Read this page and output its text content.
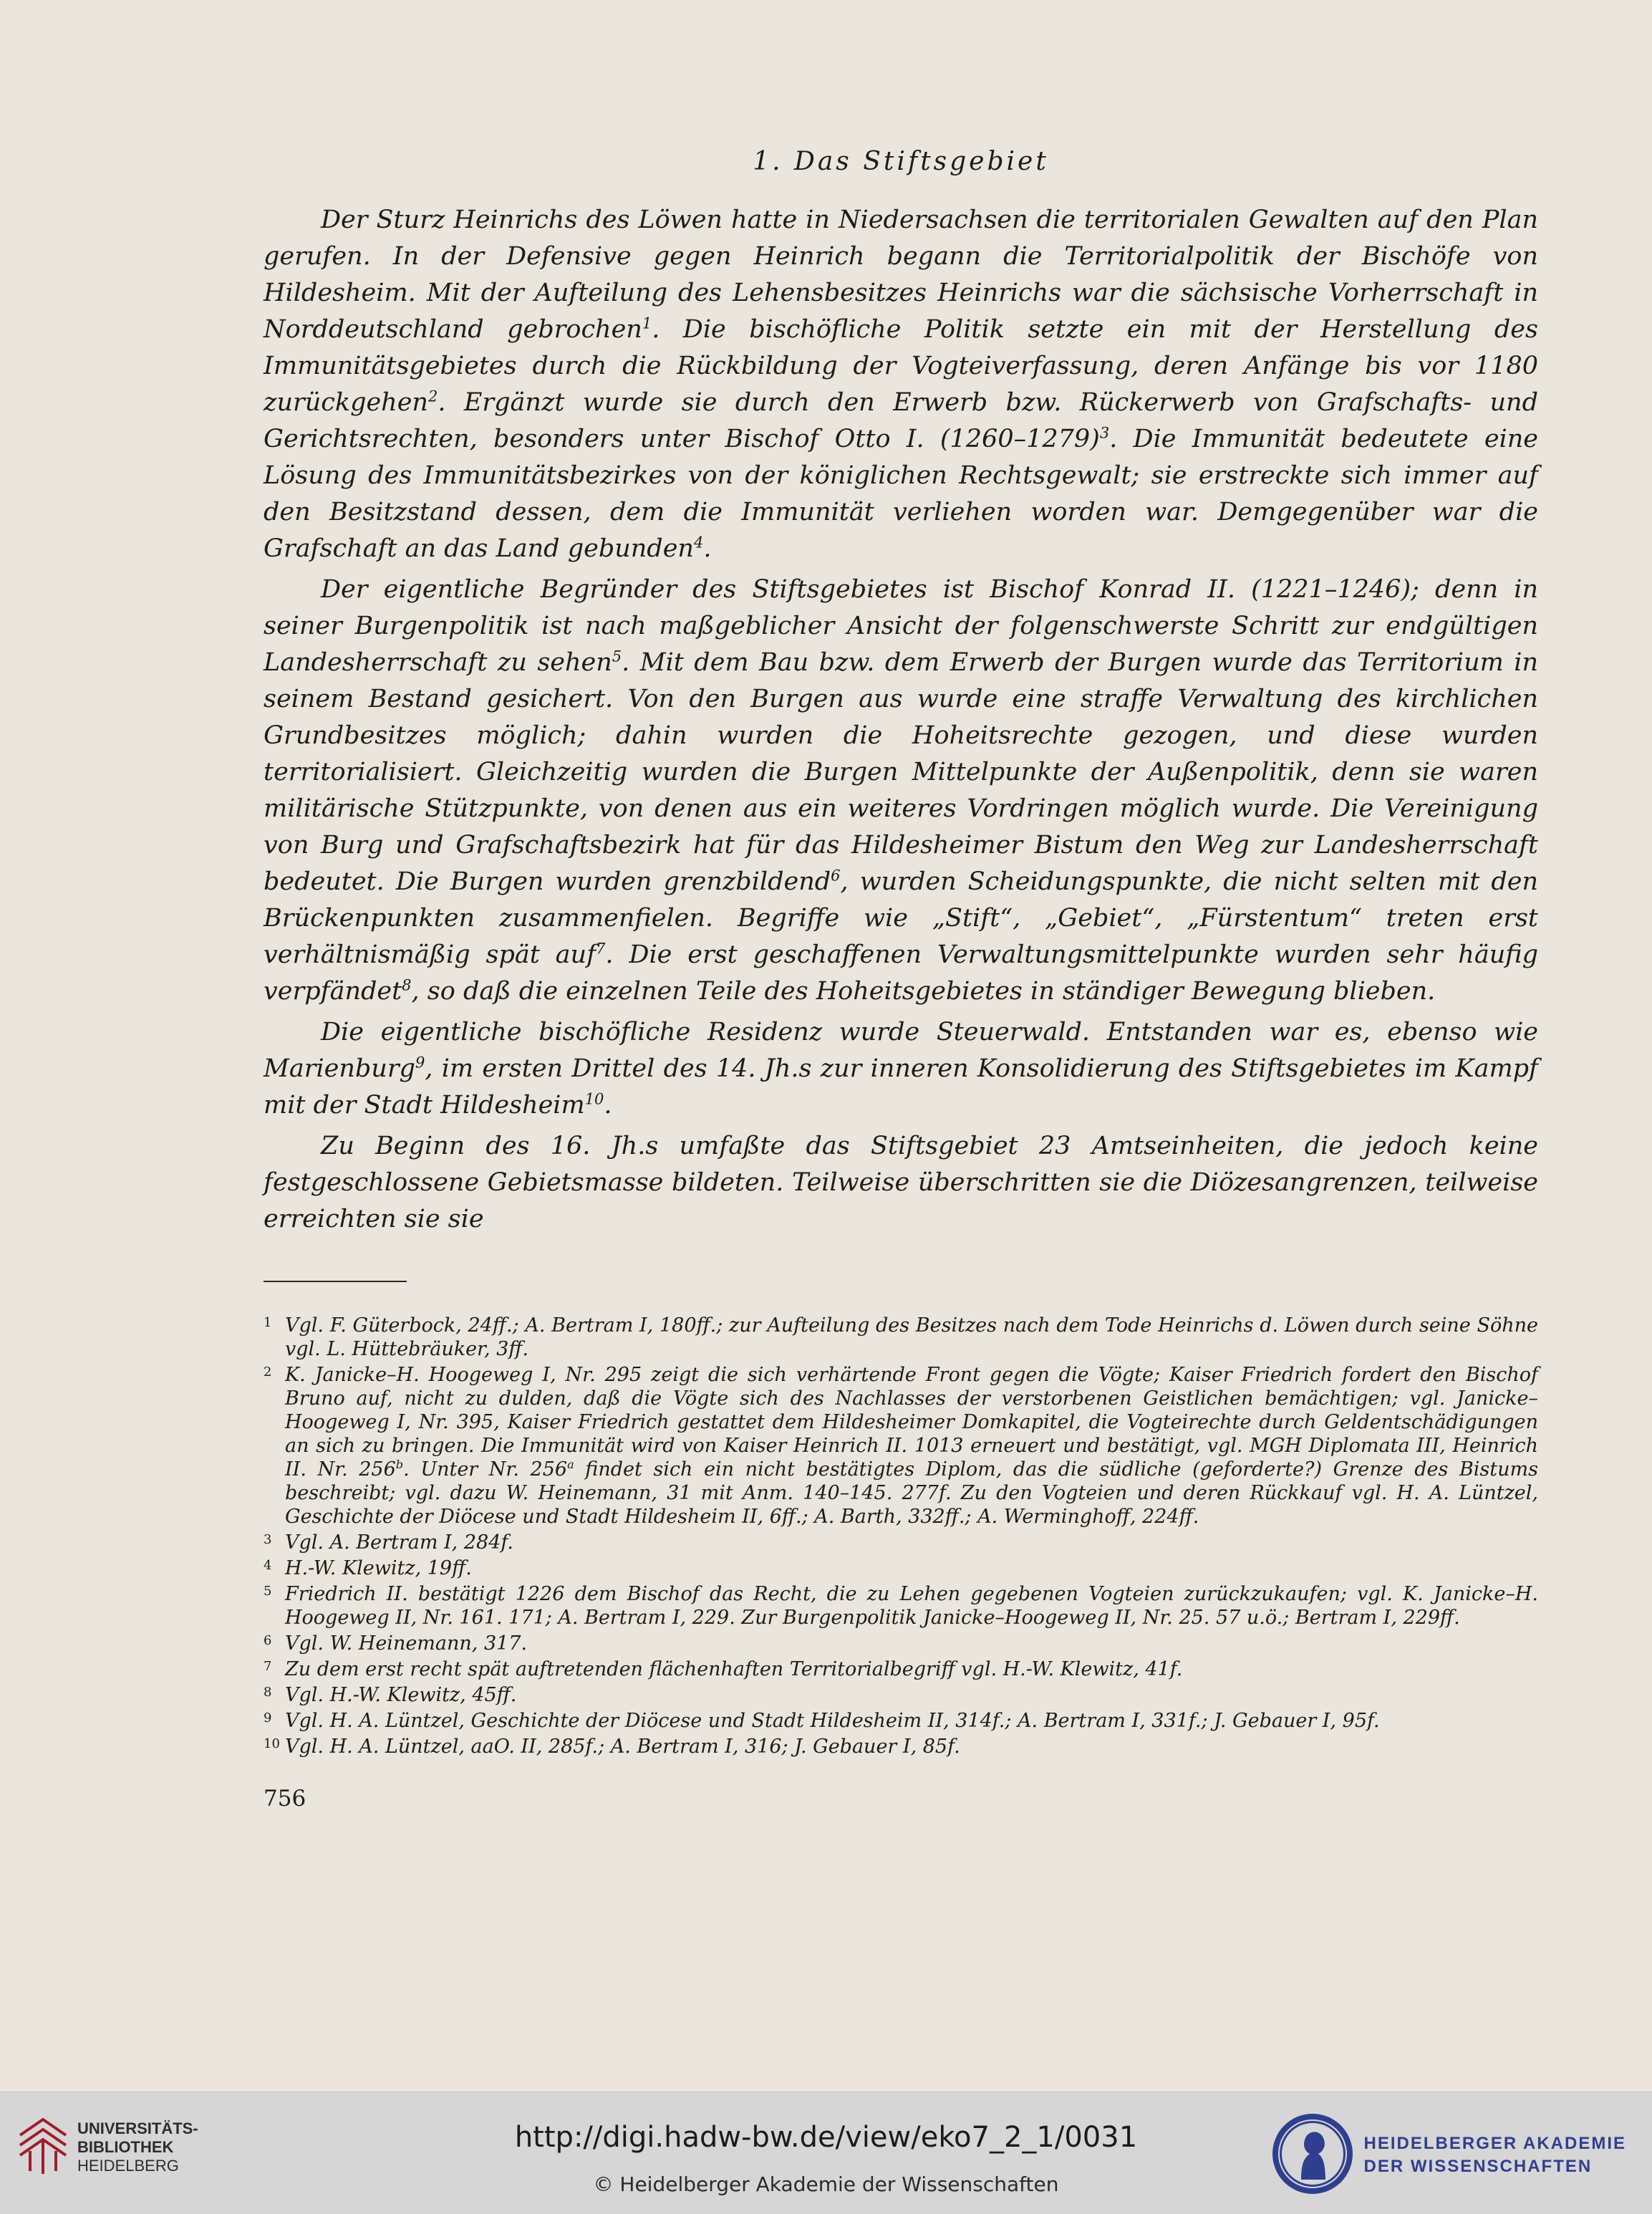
1. Das Stiftsgebiet

Der Sturz Heinrichs des Löwen hatte in Niedersachsen die territorialen Gewalten auf den Plan gerufen. In der Defensive gegen Heinrich begann die Territorialpolitik der Bischöfe von Hildesheim. Mit der Aufteilung des Lehensbesitzes Heinrichs war die sächsische Vorherrschaft in Norddeutschland gebrochen$^1$. Die bischöfliche Politik setzte ein mit der Herstellung des Immunitätsgebietes durch die Rückbildung der Vogteiverfassung, deren Anfänge bis vor 1180 zurückgehen$^2$. Ergänzt wurde sie durch den Erwerb bzw. Rückerwerb von Grafschafts- und Gerichtsrechten, besonders unter Bischof Otto I. (1260–1279)$^3$. Die Immunität bedeutete eine Lösung des Immunitätsbezirkes von der königlichen Rechtsgewalt; sie erstreckte sich immer auf den Besitzstand dessen, dem die Immunität verliehen worden war. Demgegenüber war die Grafschaft an das Land gebunden$^4$.

Der eigentliche Begründer des Stiftsgebietes ist Bischof Konrad II. (1221–1246); denn in seiner Burgenpolitik ist nach maßgeblicher Ansicht der folgenschwerste Schritt zur endgültigen Landesherrschaft zu sehen$^5$. Mit dem Bau bzw. dem Erwerb der Burgen wurde das Territorium in seinem Bestand gesichert. Von den Burgen aus wurde eine straffe Verwaltung des kirchlichen Grundbesitzes möglich; dahin wurden die Hoheitsrechte gezogen, und diese wurden territorialisiert. Gleichzeitig wurden die Burgen Mittelpunkte der Außenpolitik, denn sie waren militärische Stützpunkte, von denen aus ein weiteres Vordringen möglich wurde. Die Vereinigung von Burg und Grafschaftsbezirk hat für das Hildesheimer Bistum den Weg zur Landesherrschaft bedeutet. Die Burgen wurden grenzbildend$^6$, wurden Scheidungspunkte, die nicht selten mit den Brückenpunkten zusammenfielen. Begriffe wie „Stift“, „Gebiet“, „Fürstentum“ treten erst verhältnismäßig spät auf$^7$. Die erst geschaffenen Verwaltungsmittelpunkte wurden sehr häufig verpfändet$^8$, so daß die einzelnen Teile des Hoheitsgebietes in ständiger Bewegung blieben.

Die eigentliche bischöfliche Residenz wurde Steuerwald. Entstanden war es, ebenso wie Marienburg$^9$, im ersten Drittel des 14. Jh.s zur inneren Konsolidierung des Stiftsgebietes im Kampf mit der Stadt Hildesheim$^{10}$.

Zu Beginn des 16. Jh.s umfaßte das Stiftsgebiet 23 Amtseinheiten, die jedoch keine festgeschlossene Gebietsmasse bildeten. Teilweise überschritten sie die Diözesangrenzen, teilweise erreichten sie sie

1 Vgl. F. Güterbock, 24ff.; A. Bertram I, 180ff.; zur Aufteilung des Besitzes nach dem Tode Heinrichs d. Löwen durch seine Söhne vgl. L. Hüttebräuker, 3ff.
2 K. Janicke–H. Hoogeweg I, Nr. 295 zeigt die sich verhärtende Front gegen die Vögte; Kaiser Friedrich fordert den Bischof Bruno auf, nicht zu dulden, daß die Vögte sich des Nachlasses der verstorbenen Geistlichen bemächtigen; vgl. Janicke–Hoogeweg I, Nr. 395, Kaiser Friedrich gestattet dem Hildesheimer Domkapitel, die Vogteirechte durch Geldentschädigungen an sich zu bringen. Die Immunität wird von Kaiser Heinrich II. 1013 erneuert und bestätigt, vgl. MGH Diplomata III, Heinrich II. Nr. 256$^b$. Unter Nr. 256$^a$ findet sich ein nicht bestätigtes Diplom, das die südliche (geforderte?) Grenze des Bistums beschreibt; vgl. dazu W. Heinemann, 31 mit Anm. 140–145. 277f. Zu den Vogteien und deren Rückkauf vgl. H. A. Lüntzel, Geschichte der Diöcese und Stadt Hildesheim II, 6ff.; A. Barth, 332ff.; A. Werminghoff, 224ff.
3 Vgl. A. Bertram I, 284f.
4 H.-W. Klewitz, 19ff.
5 Friedrich II. bestätigt 1226 dem Bischof das Recht, die zu Lehen gegebenen Vogteien zurückzukaufen; vgl. K. Janicke–H. Hoogeweg II, Nr. 161. 171; A. Bertram I, 229. Zur Burgenpolitik Janicke–Hoogeweg II, Nr. 25. 57 u.ö.; Bertram I, 229ff.
6 Vgl. W. Heinemann, 317.
7 Zu dem erst recht spät auftretenden flächenhaften Territorialbegriff vgl. H.-W. Klewitz, 41f.
8 Vgl. H.-W. Klewitz, 45ff.
9 Vgl. H. A. Lüntzel, Geschichte der Diöcese und Stadt Hildesheim II, 314f.; A. Bertram I, 331f.; J. Gebauer I, 95f.
10 Vgl. H. A. Lüntzel, aaO. II, 285f.; A. Bertram I, 316; J. Gebauer I, 85f.
756
UNIVERSITÄTS-
BIBLIOTHEK
HEIDELBERG
http://digi.hadw-bw.de/view/eko7_2_1/0031
© Heidelberger Akademie der Wissenschaften
HEIDELBERGER AKADEMIE
DER WISSENSCHAFTEN
